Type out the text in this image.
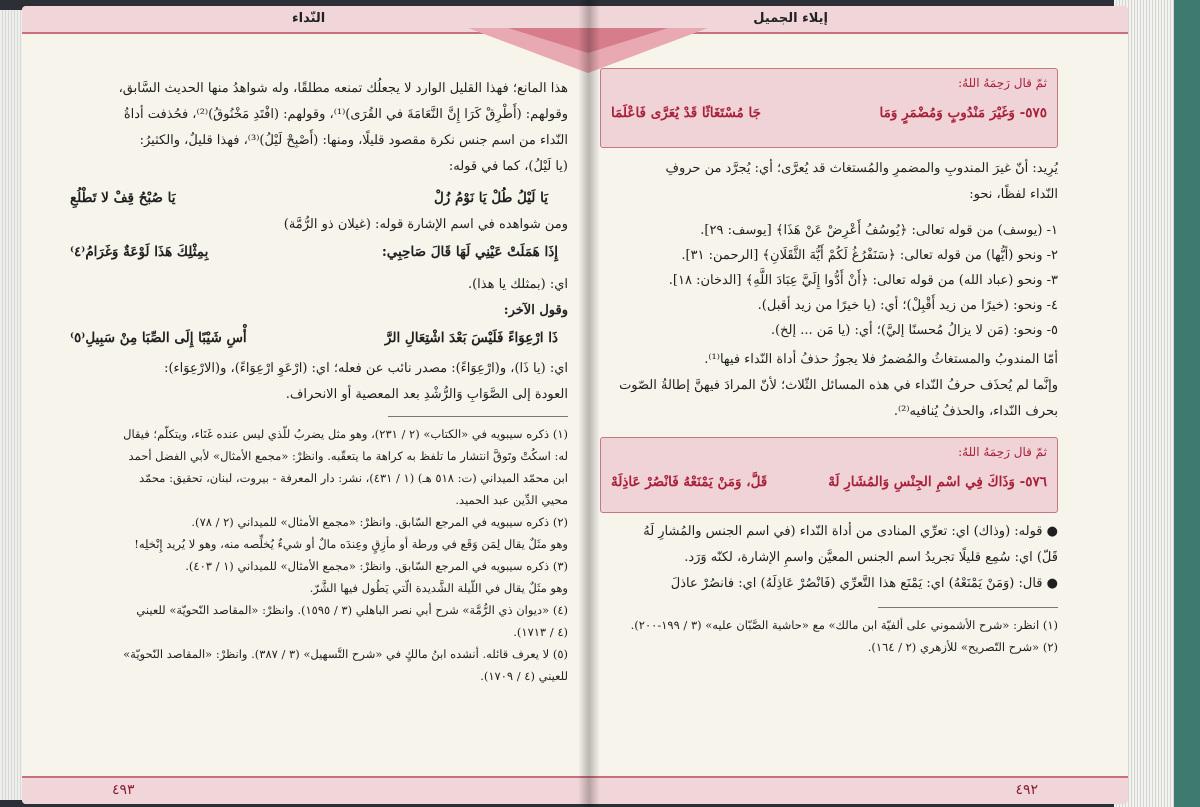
النّداء
هذا المانع؛ فهذا القليل الوارد لا يجعلُك تمنعه مطلقًا، وله شواهدُ منها الحديث السَّابق،
وقولهم: (أَطْرِقْ كَرَا إِنَّ النَّعَامَةَ في القُرَى)⁽¹⁾، وقولهم: (افْتَدِ مَخْنُوقُ)⁽²⁾، فحُذفت أداةُ
النّداء من اسم جنس نكرة مقصود قليلًا، ومنها: (أَصْبِحْ لَيْلُ)⁽³⁾، فهذا قليلٌ، والكثيرُ:
(يا لَيْلُ)، كما في قوله:
يَا لَيْلُ طُلْ يَا نَوْمُ زُلْ
يَا صُبْحُ قِفْ لا تَطْلُعِ
ومن شواهده في اسم الإشارة قوله: (غيلان ذو الرُّمَّة)
إِذَا هَمَلَتْ عَيْنِي لَهَا قَالَ صَاحِبِي:
بِمِثْلِكَ هَذَا لَوْعَةٌ وَغَرَامُ⁽٤⁾
اي: (بمثلك يا هذا).
وقول الآخر:
ذَا ارْعِوَاءً فَلَيْسَ بَعْدَ اشْتِعَالِ الرَّ
أْسِ شَيْبًا إِلَى الصِّبَا مِنْ سَبِيلِ⁽٥⁾
اي: (يا ذَا)، و(ارْعِوَاءً): مصدر نائب عن فعله؛ اي: (ارْعَوِ ارْعِوَاءً)، و(الارْعِوَاء):
العودة إلى الصَّوَابِ وَالرُّشْدِ بعد المعصية أو الانحراف.
(١) ذكره سيبويه في «الكتاب» (٢ / ٢٣١)، وهو مثل يضربُ للّذي ليس عنده غَنَاء، ويتكلّم؛ فيقال
له: اسكُتْ وتَوقَّ انتشار ما تلفظ به كراهة ما يتعقّبه. وانظرْ: «مجمع الأمثال» لأبي الفضل أحمد
ابن محمّد الميداني (ت: ٥١٨ هـ) (١ / ٤٣١)، نشر: دار المعرفة - بيروت، لبنان، تحقيق: محمّد
محيي الدِّين عبد الحميد.
(٢) ذكره سيبويه في المرجع السّابق. وانظرْ: «مجمع الأمثال» للميداني (٢ / ٧٨).
وهو مثَلٌ يقال لِمَن وَقَع في ورطة أو مأزِقٍ وعِندَه مالٌ أو شيءٌ يُخلِّصه منه، وهو لا يُريد إِنْخلِه!
(٣) ذكره سيبويه في المرجع السّابق. وانظرْ: «مجمع الأمثال» للميداني (١ / ٤٠٣).
وهو مثَلٌ يقال في اللّيلة الشَّديدة الّتي يَطُول فيها الشَّرّ.
(٤) «ديوان ذي الرُّمَّة» شرح أبي نصر الباهلي (٣ / ١٥٩٥). وانظرْ: «المقاصد النّحويّة» للعيني
(٤ / ١٧١٣).
(٥) لا يعرف قائله. أنشده ابنُ مالكٍ في «شرح التَّسهيل» (٣ / ٣٨٧). وانظرْ: «المقاصد النّحويّة»
للعيني (٤ / ١٧٠٩).
٤٩٣
إيلاء الجميل
ثمّ قال رَحِمَهُ اللهُ:
٥٧٥- وَغَيْرَ مَنْدُوبٍ وَمُضْمَرٍ وَمَا
جَا مُسْتَغَاثًا قَدْ يُعَرَّى فَاعْلَمَا
يُرِيد: أنّ غيرَ المندوبِ والمضمرِ والمُستغاث قد يُعرَّى؛ أي: يُجرَّد من حروفِ
النّداء لفظًا، نحو:
١- (يوسف) من قوله تعالى: ﴿يُوسُفُ أَعْرِضْ عَنْ هَذَا﴾ [يوسف: ٢٩].
٢- ونحو (أيُّها) من قوله تعالى: ﴿سَنَفْرُغُ لَكُمْ أَيُّهَ الثَّقَلَانِ﴾ [الرحمن: ٣١].
٣- ونحو (عباد الله) من قوله تعالى: ﴿أَنْ أَدُّوا إِلَيَّ عِبَادَ اللَّهِ﴾ [الدخان: ١٨].
٤- ونحو: (خيرًا من زيد أَقْبِلْ)؛ أي: (يا خيرًا من زيد أقبل).
٥- ونحو: (مَن لا يزالُ مُحسنًا إليَّ)؛ أي: (يا مَن ... إلخ).
أمّا المندوبُ والمستغاثُ والمُضمرُ فلا يجوزُ حذفُ أداة النّداء فيها⁽¹⁾.
وإنَّما لم يُحذَف حرفُ النّداء في هذه المسائل الثّلاث؛ لأنّ المرادَ فيهنَّ إطالةُ الصّوت
بحرف النّداء، والحذفُ يُنافيه⁽²⁾.
ثمّ قال رَحِمَهُ اللهُ:
٥٧٦- وَذَاكَ فِي اسْمِ الجِنْسِ وَالمُشَارِ لَهْ
قَلَّ، وَمَنْ يَمْنَعْهُ فَانْصُرْ عَاذِلَهْ
● قوله: (وذاك) اي: تعرِّي المنادى من أداة النّداء (في اسم الجنس والمُشارِ لَهُ
قَلّ) اي: سُمِع قليلًا تجريدُ اسم الجنس المعيَّن واسمِ الإشارة، لكنّه وَرَد.
● قال: (وَمَنْ يَمْنَعْهُ) اي: يَمْنَع هذا التَّعرِّي (فَانْصُرْ عَاذِلَهُ) اي: فانصُرْ عاذلَ
(١) انظر: «شرح الأشموني على ألفيّة ابن مالك» مع «حاشية الصَّبّان عليه» (٣ / ١٩٩-٢٠٠).
(٢) «شرح التّصريح» للأزهري (٢ / ١٦٤).
٤٩٢
